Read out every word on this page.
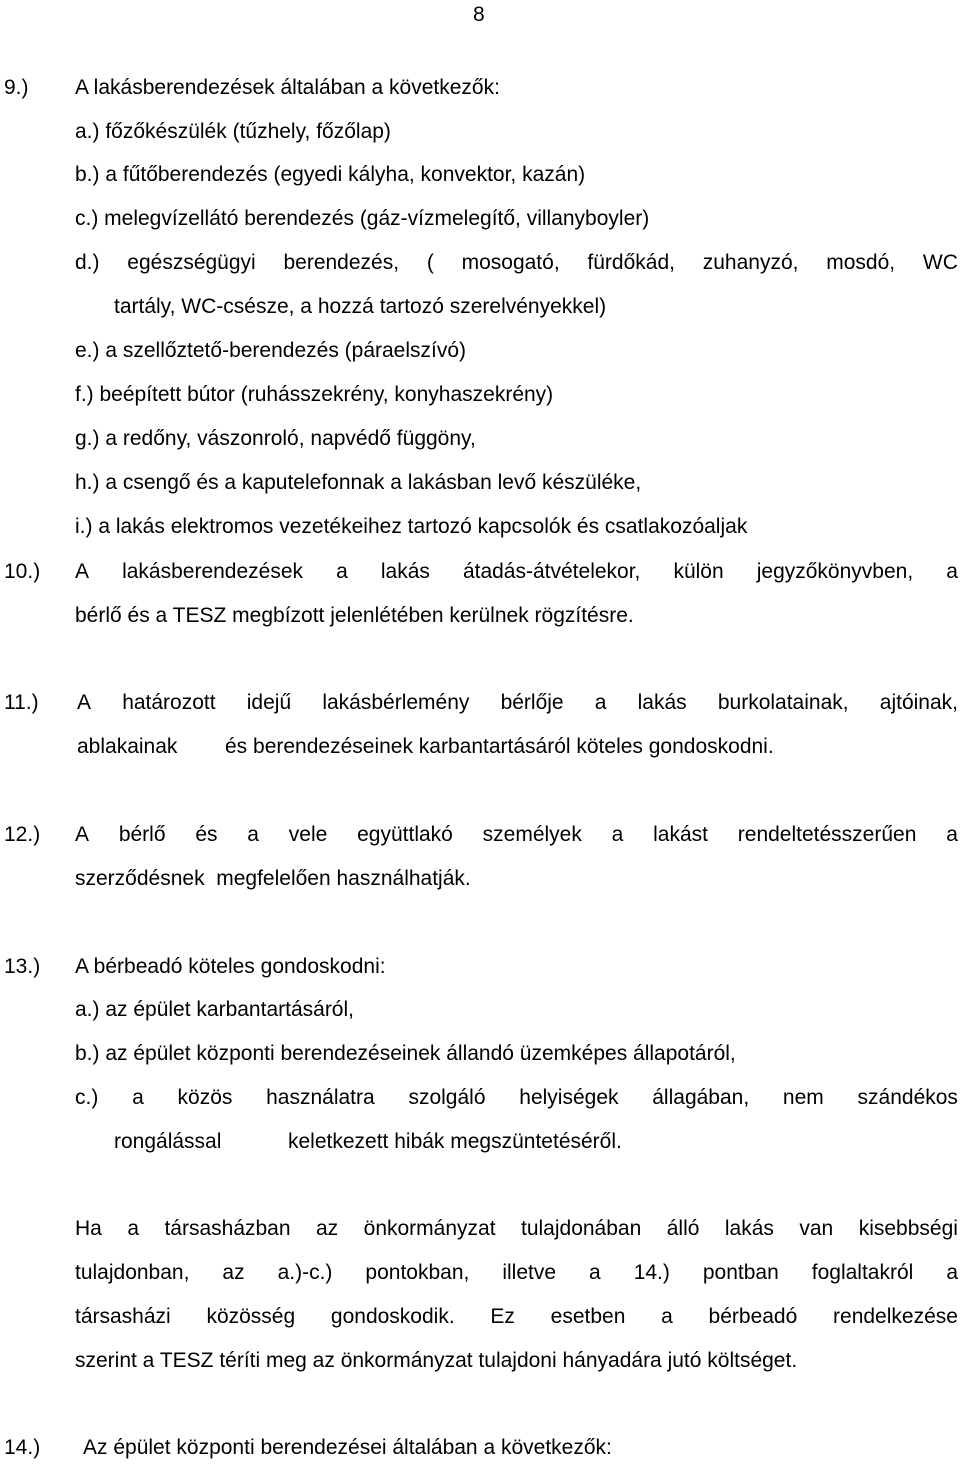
8
9.) A lakásberendezések általában a következők:
a.) főzőkészülék (tűzhely, főzőlap)
b.) a fűtőberendezés (egyedi kályha, konvektor, kazán)
c.) melegvízellátó berendezés (gáz-vízmelegítő, villanyboyler)
d.) egészségügyi berendezés, ( mosogató, fürdőkád, zuhanyzó, mosdó, WC
tartály, WC-csésze, a hozzá tartozó szerelvényekkel)
e.) a szellőztető-berendezés (páraelszívó)
f.) beépített bútor (ruhásszekrény, konyhaszekrény)
g.) a redőny, vászonroló, napvédő függöny,
h.) a csengő és a kaputelefonnak a lakásban levő készüléke,
i.) a lakás elektromos vezetékeihez tartozó kapcsolók és csatlakozóaljak
10.) A lakásberendezések a lakás átadás-átvételekor, külön jegyzőkönyvben, a
bérlő és a TESZ megbízott jelenlétében kerülnek rögzítésre.
11.) A határozott idejű lakásbérlemény bérlője a lakás burkolatainak, ajtóinak,
ablakainak és berendezéseinek karbantartásáról köteles gondoskodni.
12.) A bérlő és a vele együttlakó személyek a lakást rendeltetésszerűen a
szerződésnek  megfelelően használhatják.
13.) A bérbeadó köteles gondoskodni:
a.) az épület karbantartásáról,
b.) az épület központi berendezéseinek állandó üzemképes állapotáról,
c.) a közös használatra szolgáló helyiségek állagában, nem szándékos
rongálással	keletkezett hibák megszüntetéséről.
Ha a társasházban az önkormányzat tulajdonában álló lakás van kisebbségi
tulajdonban, az a.)-c.) pontokban, illetve a 14.) pontban foglaltakról a
társasházi közösség gondoskodik. Ez esetben a bérbeadó rendelkezése
szerint a TESZ téríti meg az önkormányzat tulajdoni hányadára jutó költséget.
14.) Az épület központi berendezései általában a következők:
